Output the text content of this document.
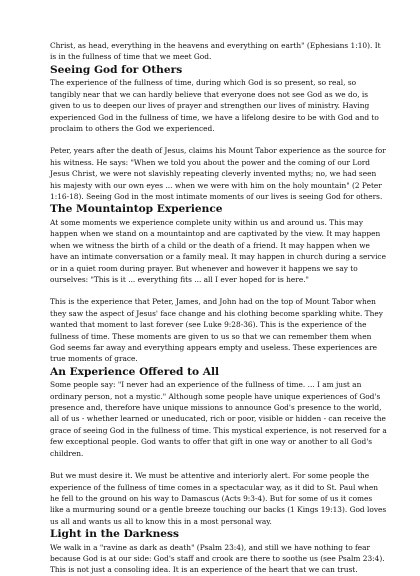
Christ, as head, everything in the heavens and everything on earth" (Ephesians 1:10). It is in the fullness of time that we meet God.

Seeing God for Others

The experience of the fullness of time, during which God is so present, so real, so tangibly near that we can hardly believe that everyone does not see God as we do, is given to us to deepen our lives of prayer and strengthen our lives of ministry. Having experienced God in the fullness of time, we have a lifelong desire to be with God and to proclaim to others the God we experienced.

Peter, years after the death of Jesus, claims his Mount Tabor experience as the source for his witness. He says: "When we told you about the power and the coming of our Lord Jesus Christ, we were not slavishly repeating cleverly invented myths; no, we had seen his majesty with our own eyes ... when we were with him on the holy mountain" (2 Peter 1:16-18). Seeing God in the most intimate moments of our lives is seeing God for others.

The Mountaintop Experience

At some moments we experience complete unity within us and around us. This may happen when we stand on a mountaintop and are captivated by the view. It may happen when we witness the birth of a child or the death of a friend. It may happen when we have an intimate conversation or a family meal. It may happen in church during a service or in a quiet room during prayer. But whenever and however it happens we say to ourselves: "This is it ... everything fits ... all I ever hoped for is here."

This is the experience that Peter, James, and John had on the top of Mount Tabor when they saw the aspect of Jesus' face change and his clothing become sparkling white. They wanted that moment to last forever (see Luke 9:28-36). This is the experience of the fullness of time. These moments are given to us so that we can remember them when God seems far away and everything appears empty and useless. These experiences are true moments of grace.

An Experience Offered to All

Some people say: "I never had an experience of the fullness of time. ... I am just an ordinary person, not a mystic." Although some people have unique experiences of God's presence and, therefore have unique missions to announce God's presence to the world, all of us - whether learned or uneducated, rich or poor, visible or hidden - can receive the grace of seeing God in the fullness of time. This mystical experience, is not reserved for a few exceptional people. God wants to offer that gift in one way or another to all God's children.

But we must desire it. We must be attentive and interiorly alert. For some people the experience of the fullness of time comes in a spectacular way, as it did to St. Paul when he fell to the ground on his way to Damascus (Acts 9:3-4). But for some of us it comes like a murmuring sound or a gentle breeze touching our backs (1 Kings 19:13). God loves us all and wants us all to know this in a most personal way.

Light in the Darkness

We walk in a "ravine as dark as death" (Psalm 23:4), and still we have nothing to fear because God is at our side: God's staff and crook are there to soothe us (see Psalm 23:4). This is not just a consoling idea. It is an experience of the heart that we can trust.
